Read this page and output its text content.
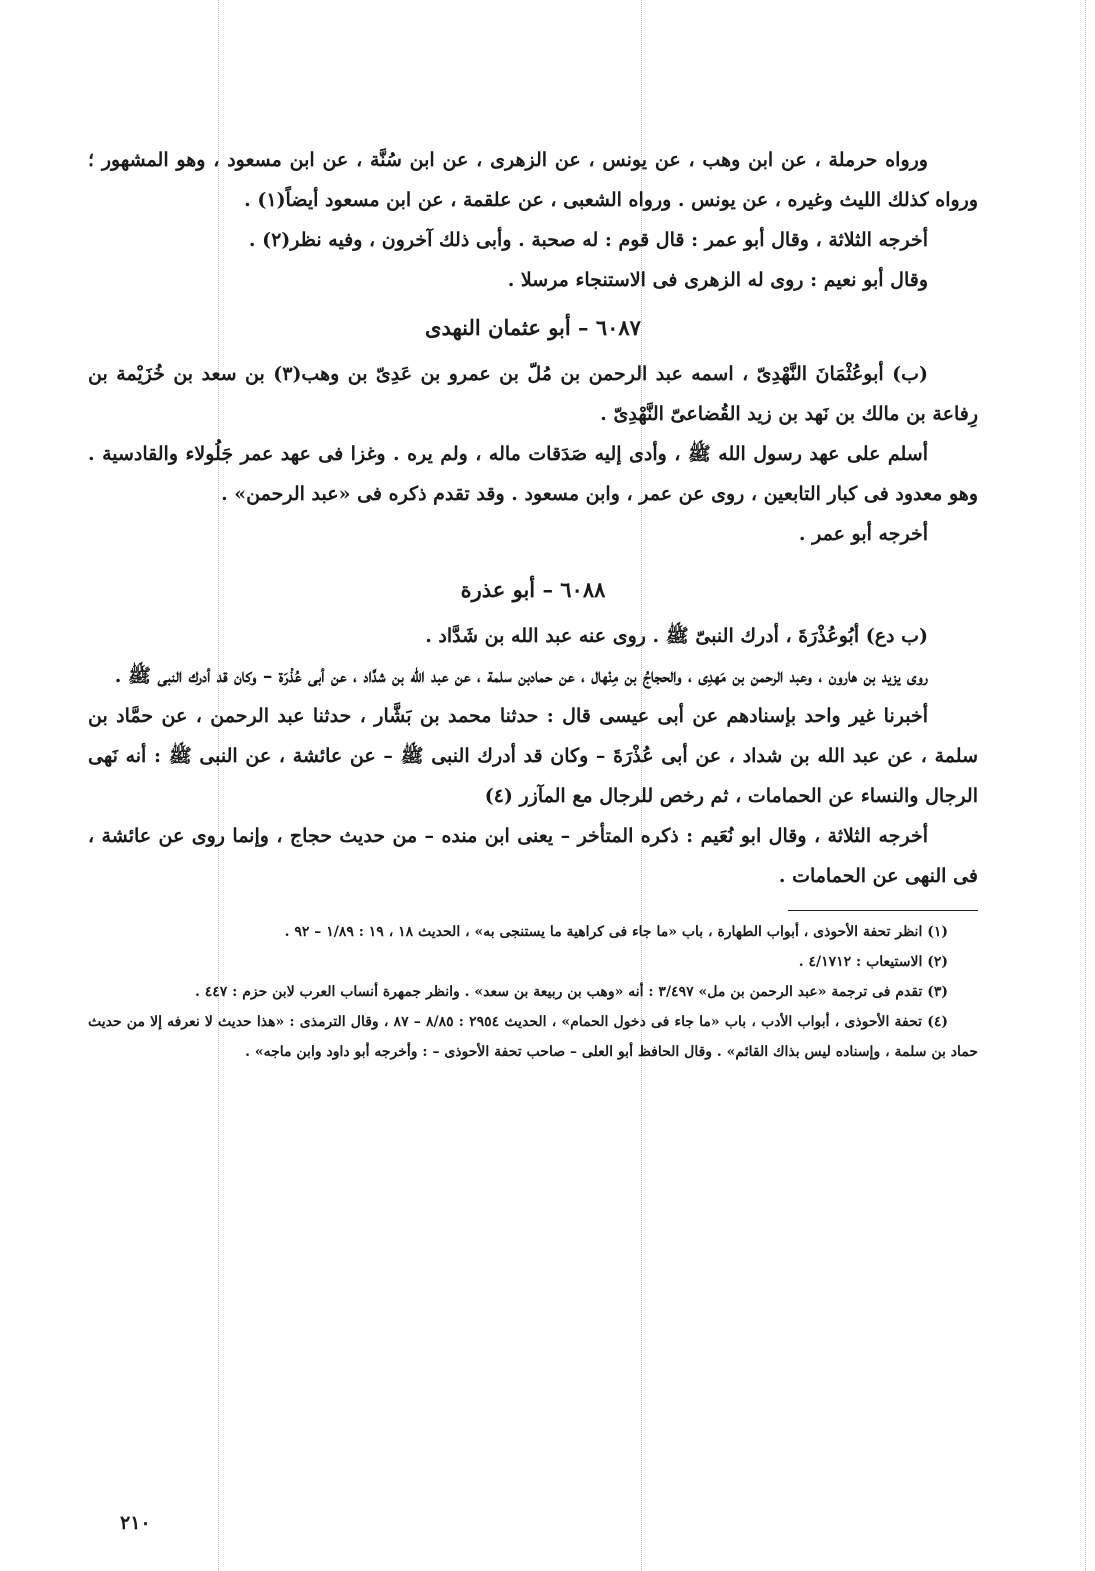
ورواه حرملة ، عن ابن وهب ، عن يونس ، عن الزهرى ، عن ابن سُنَّة ، عن ابن مسعود ، وهو المشهور ؛ ورواه كذلك الليث وغيره ، عن يونس . ورواه الشعبى ، عن علقمة ، عن ابن مسعود أيضاً(١) .

أخرجه الثلاثة ، وقال أبو عمر : قال قوم : له صحبة . وأبى ذلك آخرون ، وفيه نظر(٢) .

وقال أبو نعيم : روى له الزهرى فى الاستنجاء مرسلا .

٦٠٨٧ – أبو عثمان النهدى

(ب) أبوعُثْمَانَ النَّهْدِىّ ، اسمه عبد الرحمن بن مُلّ بن عمرو بن عَدِىّ بن وهب(٣) بن سعد بن خُزَيْمة بن رِفاعة بن مالك بن نَهد بن زيد القُضاعىّ النَّهْدِىّ .

أسلم على عهد رسول الله ﷺ ، وأدى إليه صَدَقات ماله ، ولم يره . وغزا فى عهد عمر جَلُولاء والقادسية . وهو معدود فى كبار التابعين ، روى عن عمر ، وابن مسعود . وقد تقدم ذكره فى «عبد الرحمن» .

أخرجه أبو عمر .

٦٠٨٨ – أبو عذرة

(ب دع) أبُوعُذْرَةَ ، أدرك النبىّ ﷺ . روى عنه عبد الله بن شَدَّاد .

روى يزيد بن هارون ، وعبد الرحمن بن مَهدِى ، والحجاجُ بن مِنْهال ، عن حمادبن سلمة ، عن عبد الله بن شدَّاد ، عن أبى عُذْرَة – وكان قد أدرك النبى ﷺ .

أخبرنا غير واحد بإسنادهم عن أبى عيسى قال : حدثنا محمد بن بَشَّار ، حدثنا عبد الرحمن ، عن حمَّاد بن سلمة ، عن عبد الله بن شداد ، عن أبى عُذْرَةَ – وكان قد أدرك النبى ﷺ – عن عائشة ، عن النبى ﷺ : أنه نَهى الرجال والنساء عن الحمامات ، ثم رخص للرجال مع المآزر (٤)

أخرجه الثلاثة ، وقال ابو نُعَيم : ذكره المتأخر – يعنى ابن منده – من حديث حجاج ، وإنما روى عن عائشة ، فى النهى عن الحمامات .

(١) انظر تحفة الأحوذى ، أبواب الطهارة ، باب «ما جاء فى كراهية ما يستنجى به» ، الحديث ١٨ ، ١٩ : ١/٨٩ – ٩٢ .

(٢) الاستيعاب : ٤/١٧١٢ .

(٣) تقدم فى ترجمة «عبد الرحمن بن مل» ٣/٤٩٧ : أنه «وهب بن ربيعة بن سعد» . وانظر جمهرة أنساب العرب لابن حزم : ٤٤٧ .

(٤) تحفة الأحوذى ، أبواب الأدب ، باب «ما جاء فى دخول الحمام» ، الحديث ٢٩٥٤ : ٨/٨٥ – ٨٧ ، وقال الترمذى : «هذا حديث لا نعرفه إلا من حديث حماد بن سلمة ، وإسناده ليس بذاك القائم» . وقال الحافظ أبو العلى – صاحب تحفة الأحوذى – : وأخرجه أبو داود وابن ماجه» .

٢١٠
